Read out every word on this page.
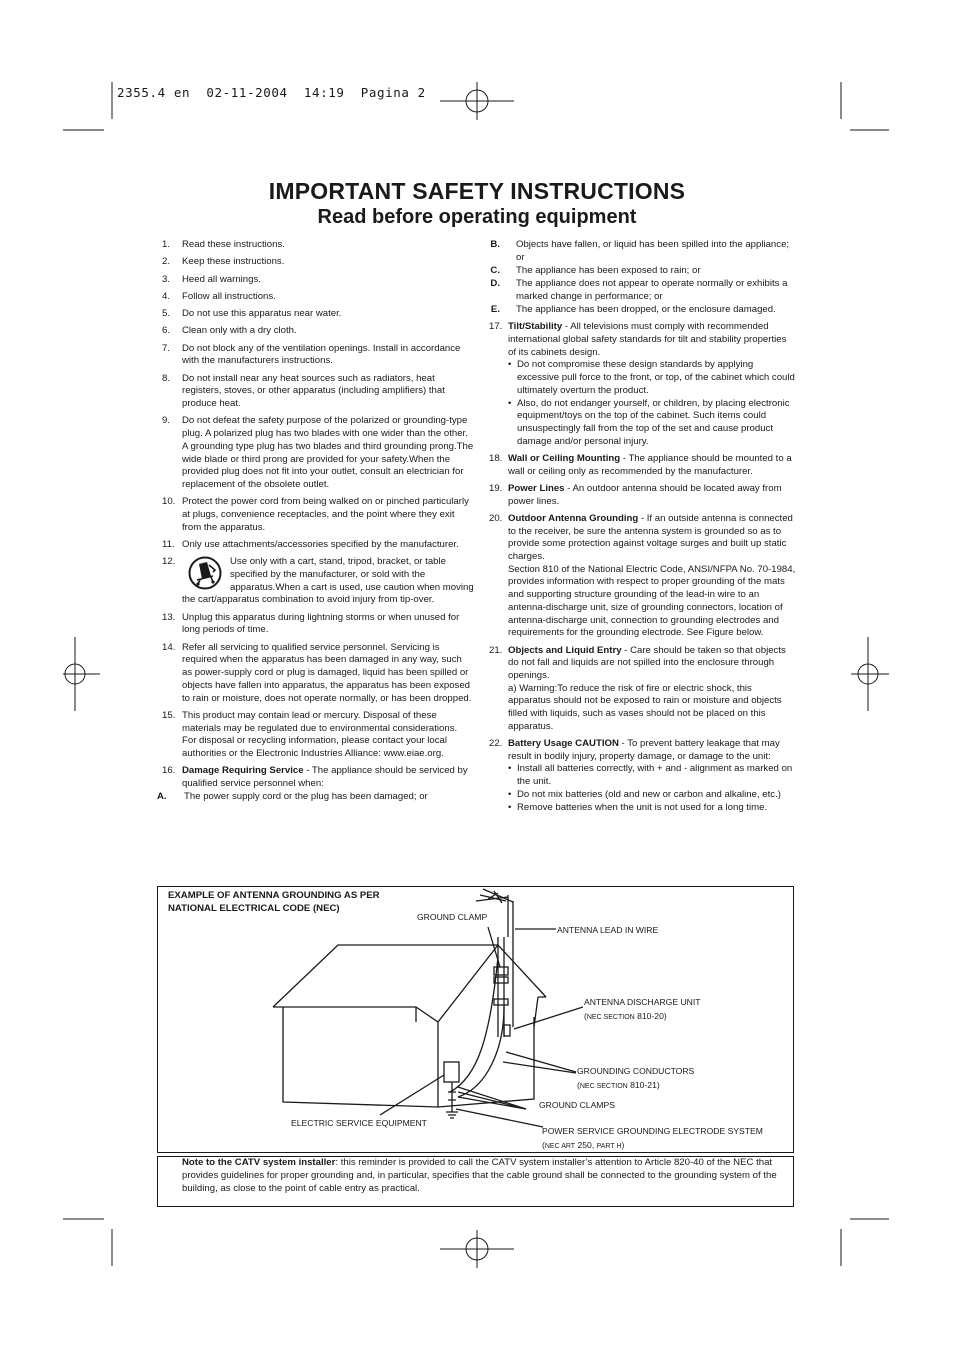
2355.4 en  02-11-2004  14:19  Pagina 2
IMPORTANT SAFETY INSTRUCTIONS
Read before operating equipment
1. Read these instructions.
2. Keep these instructions.
3. Heed all warnings.
4. Follow all instructions.
5. Do not use this apparatus near water.
6. Clean only with a dry cloth.
7. Do not block any of the ventilation openings. Install in accordance with the manufacturers instructions.
8. Do not install near any heat sources such as radiators, heat registers, stoves, or other apparatus (including amplifiers) that produce heat.
9. Do not defeat the safety purpose of the polarized or grounding-type plug. A polarized plug has two blades with one wider than the other. A grounding type plug has two blades and third grounding prong.The wide blade or third prong are provided for your safety.When the provided plug does not fit into your outlet, consult an electrician for replacement of the obsolete outlet.
10. Protect the power cord from being walked on or pinched particularly at plugs, convenience receptacles, and the point where they exit from the apparatus.
11. Only use attachments/accessories specified by the manufacturer.
12.	Use only with a cart, stand, tripod, bracket, or table specified by the manufacturer, or sold with the apparatus.When a cart is used, use caution when moving the cart/apparatus combination to avoid injury from tip-over.
13. Unplug this apparatus during lightning storms or when unused for long periods of time.
14. Refer all servicing to qualified service personnel. Servicing is required when the apparatus has been damaged in any way, such as power-supply cord or plug is damaged, liquid has been spilled or objects have fallen into apparatus, the apparatus has been exposed to rain or moisture, does not operate normally, or has been dropped.
15. This product may contain lead or mercury. Disposal of these materials may be regulated due to environmental considerations. For disposal or recycling information, please contact your local authorities or the Electronic Industries Alliance: www.eiae.org.
16. Damage Requiring Service - The appliance should be serviced by qualified service personnel when:
A. The power supply cord or the plug has been damaged; or
B. Objects have fallen, or liquid has been spilled into the appliance; or
C. The appliance has been exposed to rain; or
D. The appliance does not appear to operate normally or exhibits a marked change in performance; or
E. The appliance has been dropped, or the enclosure damaged.
17. Tilt/Stability - All televisions must comply with recommended international global safety standards for tilt and stability properties of its cabinets design.
• Do not compromise these design standards by applying excessive pull force to the front, or top, of the cabinet which could ultimately overturn the product.
• Also, do not endanger yourself, or children, by placing electronic equipment/toys on the top of the cabinet. Such items could unsuspectingly fall from the top of the set and cause product damage and/or personal injury.
18. Wall or Ceiling Mounting - The appliance should be mounted to a wall or ceiling only as recommended by the manufacturer.
19. Power Lines - An outdoor antenna should be located away from power lines.
20. Outdoor Antenna Grounding - If an outside antenna is connected to the receiver, be sure the antenna system is grounded so as to provide some protection against voltage surges and built up static charges.
Section 810 of the National Electric Code, ANSI/NFPA No. 70-1984, provides information with respect to proper grounding of the mats and supporting structure grounding of the lead-in wire to an antenna-discharge unit, size of grounding connectors, location of antenna-discharge unit, connection to grounding electrodes and requirements for the grounding electrode. See Figure below.
21. Objects and Liquid Entry - Care should be taken so that objects do not fall and liquids are not spilled into the enclosure through openings.
a) Warning:To reduce the risk of fire or electric shock, this apparatus should not be exposed to rain or moisture and objects filled with liquids, such as vases should not be placed on this apparatus.
22. Battery Usage CAUTION - To prevent battery leakage that may result in bodily injury, property damage, or damage to the unit:
• Install all batteries correctly, with + and - alignment as marked on the unit.
• Do not mix batteries (old and new or carbon and alkaline, etc.)
• Remove batteries when the unit is not used for a long time.
EXAMPLE OF ANTENNA GROUNDING AS PER
NATIONAL ELECTRICAL CODE (NEC)
GROUND CLAMP
ANTENNA LEAD IN WIRE
ANTENNA DISCHARGE UNIT
(NEC SECTION 810-20)
GROUNDING CONDUCTORS
(NEC SECTION 810-21)
GROUND CLAMPS
ELECTRIC SERVICE EQUIPMENT
POWER SERVICE GROUNDING ELECTRODE SYSTEM
(NEC ART 250, PART H)
Note to the CATV system installer: this reminder is provided to call the CATV system installer’s attention to Article 820-40 of the NEC that provides guidelines for proper grounding and, in particular, specifies that the cable ground shall be connected to the grounding system of the building, as close to the point of cable entry as practical.
